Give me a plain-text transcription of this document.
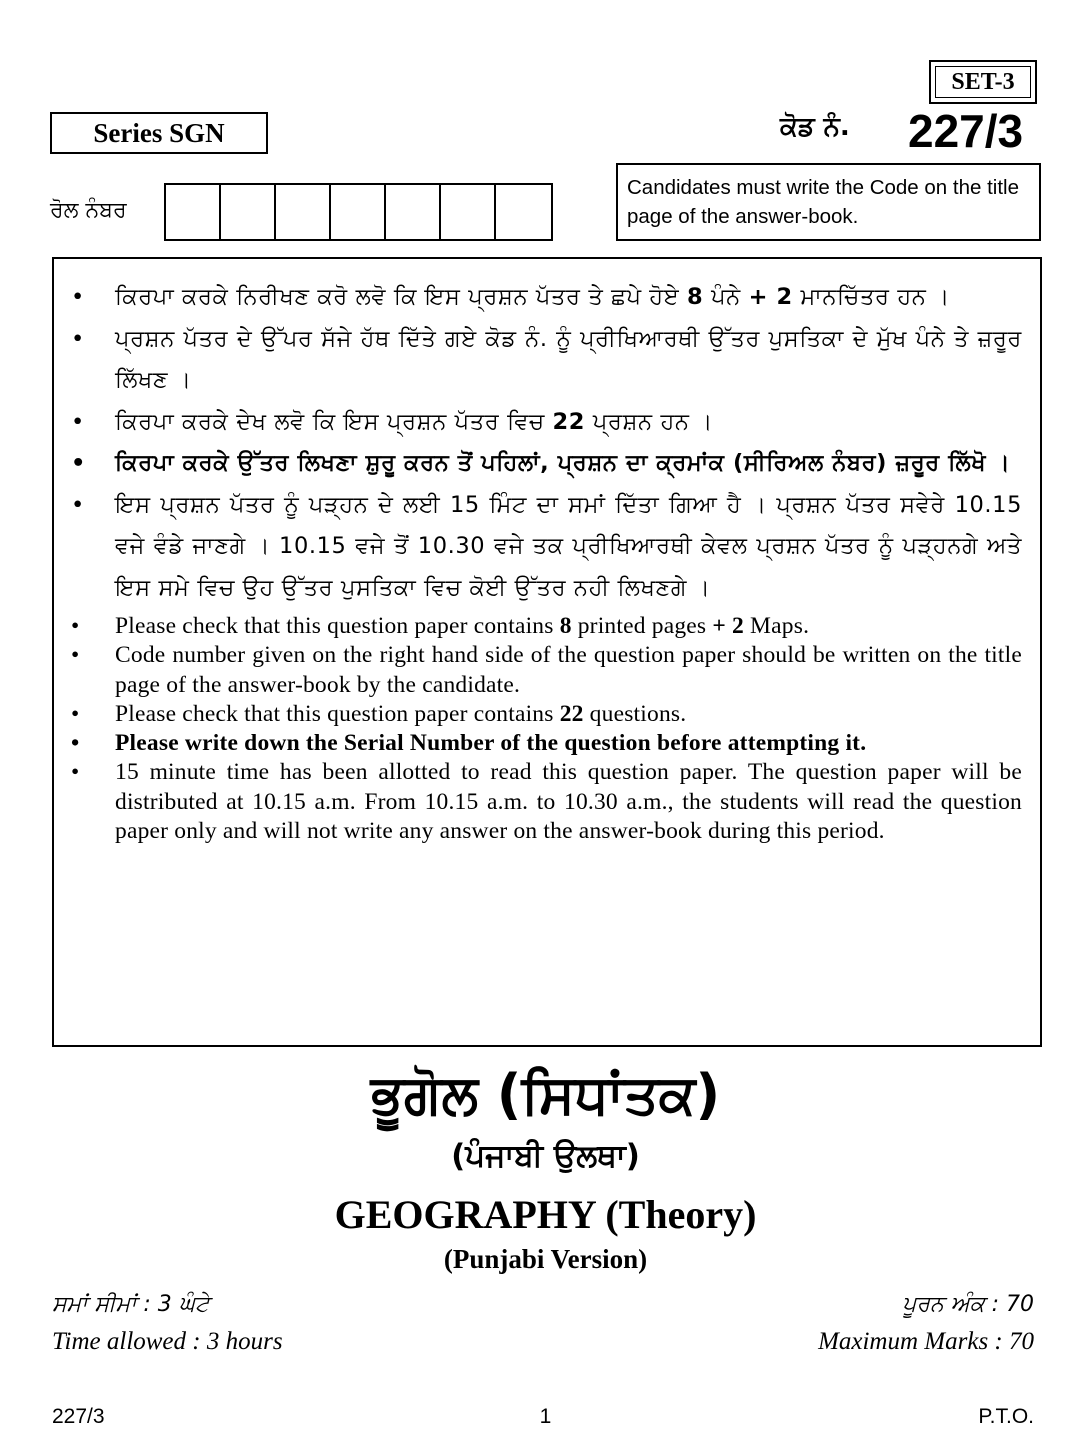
SET-3
Series SGN	ਕੋਡ ਨੰ. 227/3
ਰੋਲ ਨੰਬਰ
Candidates must write the Code on the title page of the answer-book.
• ਕਿਰਪਾ ਕਰਕੇ ਨਿਰੀਖਣ ਕਰੋ ਲਵੋ ਕਿ ਇਸ ਪ੍ਰਸ਼ਨ ਪੱਤਰ ਤੇ ਛਪੇ ਹੋਏ 8 ਪੰਨੇ + 2 ਮਾਨਚਿੱਤਰ ਹਨ ।
• ਪ੍ਰਸ਼ਨ ਪੱਤਰ ਦੇ ਉੱਪਰ ਸੱਜੇ ਹੱਥ ਦਿੱਤੇ ਗਏ ਕੋਡ ਨੰ. ਨੂੰ ਪ੍ਰੀਖਿਆਰਥੀ ਉੱਤਰ ਪੁਸਤਿਕਾ ਦੇ ਮੁੱਖ ਪੰਨੇ ਤੇ ਜ਼ਰੂਰ ਲਿੱਖਣ ।
• ਕਿਰਪਾ ਕਰਕੇ ਦੇਖ ਲਵੋ ਕਿ ਇਸ ਪ੍ਰਸ਼ਨ ਪੱਤਰ ਵਿਚ 22 ਪ੍ਰਸ਼ਨ ਹਨ ।
• ਕਿਰਪਾ ਕਰਕੇ ਉੱਤਰ ਲਿਖਣਾ ਸ਼ੁਰੂ ਕਰਨ ਤੋਂ ਪਹਿਲਾਂ, ਪ੍ਰਸ਼ਨ ਦਾ ਕ੍ਰਮਾਂਕ (ਸੀਰਿਅਲ ਨੰਬਰ) ਜ਼ਰੂਰ ਲਿੱਖੋ ।
• ਇਸ ਪ੍ਰਸ਼ਨ ਪੱਤਰ ਨੂੰ ਪੜ੍ਹਨ ਦੇ ਲਈ 15 ਮਿੰਟ ਦਾ ਸਮਾਂ ਦਿੱਤਾ ਗਿਆ ਹੈ । ਪ੍ਰਸ਼ਨ ਪੱਤਰ ਸਵੇਰੇ 10.15 ਵਜੇ ਵੰਡੇ ਜਾਣਗੇ । 10.15 ਵਜੇ ਤੋਂ 10.30 ਵਜੇ ਤਕ ਪ੍ਰੀਖਿਆਰਥੀ ਕੇਵਲ ਪ੍ਰਸ਼ਨ ਪੱਤਰ ਨੂੰ ਪੜ੍ਹਨਗੇ ਅਤੇ ਇਸ ਸਮੇ ਵਿਚ ਉਹ ਉੱਤਰ ਪੁਸਤਿਕਾ ਵਿਚ ਕੋਈ ਉੱਤਰ ਨਹੀ ਲਿਖਣਗੇ ।
• Please check that this question paper contains 8 printed pages + 2 Maps.
• Code number given on the right hand side of the question paper should be written on the title page of the answer-book by the candidate.
• Please check that this question paper contains 22 questions.
• Please write down the Serial Number of the question before attempting it.
• 15 minute time has been allotted to read this question paper. The question paper will be distributed at 10.15 a.m. From 10.15 a.m. to 10.30 a.m., the students will read the question paper only and will not write any answer on the answer-book during this period.
ਭੂਗੋਲ (ਸਿਧਾਂਤਕ)
(ਪੰਜਾਬੀ ਉਲਥਾ)
GEOGRAPHY (Theory)
(Punjabi Version)
ਸਮਾਂ ਸੀਮਾਂ : 3 ਘੰਟੇ	ਪੂਰਨ ਅੰਕ : 70
Time allowed : 3 hours	Maximum Marks : 70
227/3	1	P.T.O.
